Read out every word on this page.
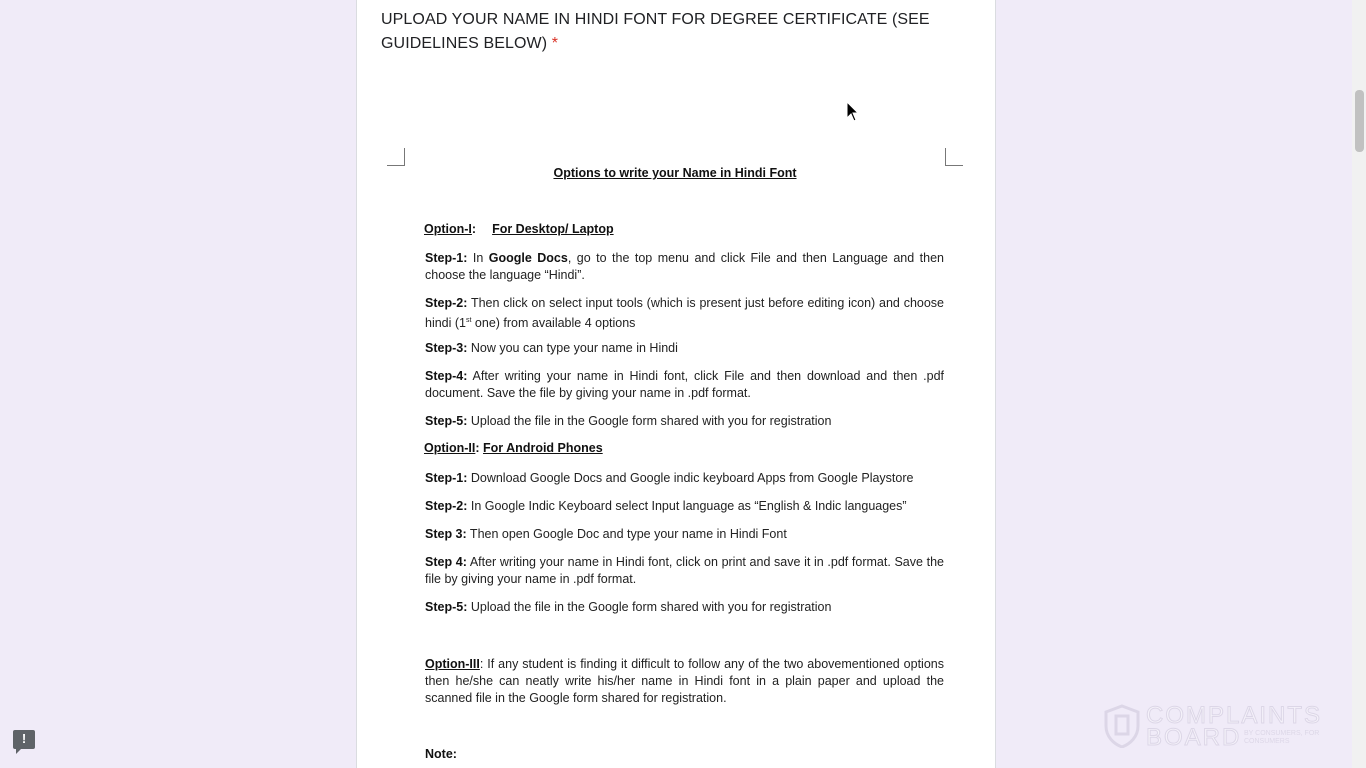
UPLOAD YOUR NAME IN HINDI FONT FOR DEGREE CERTIFICATE (SEE GUIDELINES BELOW) *
Options to write your Name in Hindi Font
Option-I: For Desktop/ Laptop
Step-1: In Google Docs, go to the top menu and click File and then Language and then choose the language “Hindi”.
Step-2: Then click on select input tools (which is present just before editing icon) and choose hindi (1st one) from available 4 options
Step-3: Now you can type your name in Hindi
Step-4: After writing your name in Hindi font, click File and then download and then .pdf document. Save the file by giving your name in .pdf format.
Step-5: Upload the file in the Google form shared with you for registration
Option-II: For Android Phones
Step-1: Download Google Docs and Google indic keyboard Apps from Google Playstore
Step-2: In Google Indic Keyboard select Input language as “English & Indic languages”
Step 3: Then open Google Doc and type your name in Hindi Font
Step 4: After writing your name in Hindi font, click on print and save it in .pdf format. Save the file by giving your name in .pdf format.
Step-5: Upload the file in the Google form shared with you for registration
Option-III: If any student is finding it difficult to follow any of the two abovementioned options then he/she can neatly write his/her name in Hindi font in a plain paper and upload the scanned file in the Google form shared for registration.
Note:
!
COMPLAINTS
BOARD BY CONSUMERS, FOR CONSUMERS
